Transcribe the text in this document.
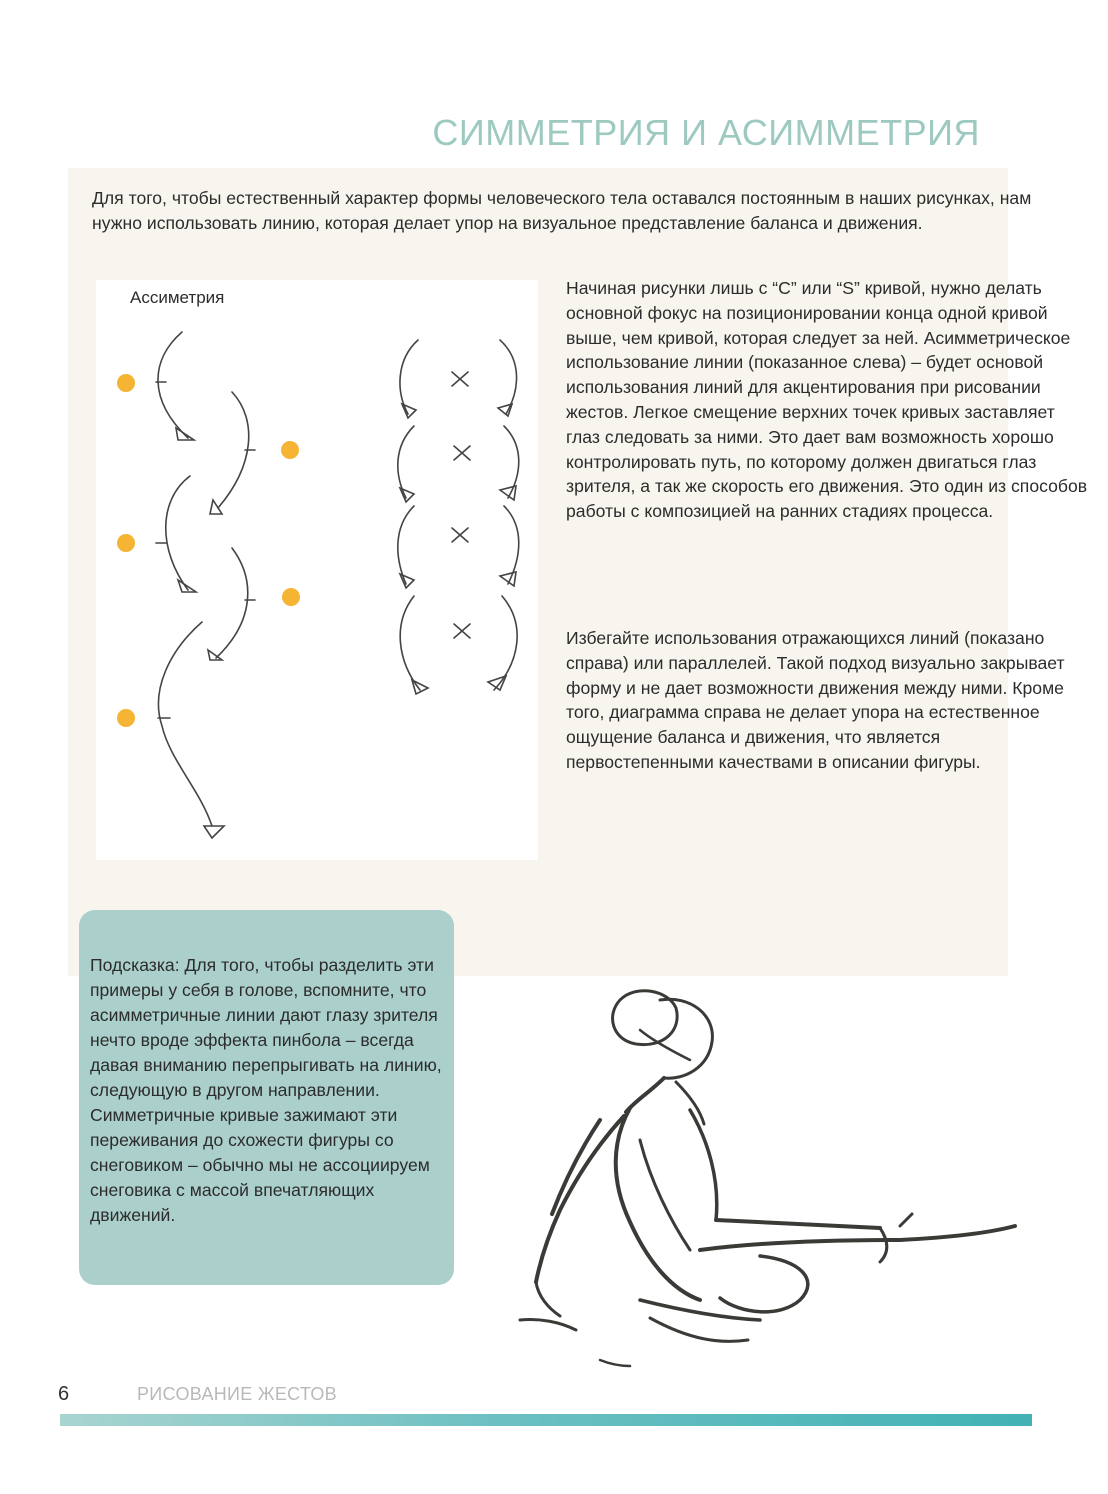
СИММЕТРИЯ И АСИММЕТРИЯ

Для того, чтобы естественный характер формы человеческого тела оставался постоянным в наших рисунках, нам нужно использовать линию, которая делает упор на визуальное представление баланса и движения.

Ассиметрия	Начиная рисунки лишь с “C” или “S” кривой, нужно делать основной фокус на позиционировании конца одной кривой выше, чем кривой, которая следует за ней. Асимметрическое использование линии (показанное слева) – будет основой использования линий для акцентирования при рисовании жестов. Легкое смещение верхних точек кривых заставляет глаз следовать за ними. Это дает вам возможность хорошо контролировать путь, по которому должен двигаться глаз зрителя, а так же скорость его движения. Это один из способов работы с композицией на ранних стадиях процесса.

Избегайте использования отражающихся линий (показано справа) или параллелей. Такой подход визуально закрывает форму и не дает возможности движения между ними. Кроме того, диаграмма справа не делает упора на естественное ощущение баланса и движения, что является первостепенными качествами в описании фигуры.

Подсказка: Для того, чтобы разделить эти примеры у себя в голове, вспомните, что асимметричные линии дают глазу зрителя нечто вроде эффекта пинбола – всегда давая вниманию перепрыгивать на линию, следующую в другом направлении. Симметричные кривые зажимают эти переживания до схожести фигуры со снеговиком – обычно мы не ассоциируем снеговика с массой впечатляющих движений.

6	РИСОВАНИЕ ЖЕСТОВ
